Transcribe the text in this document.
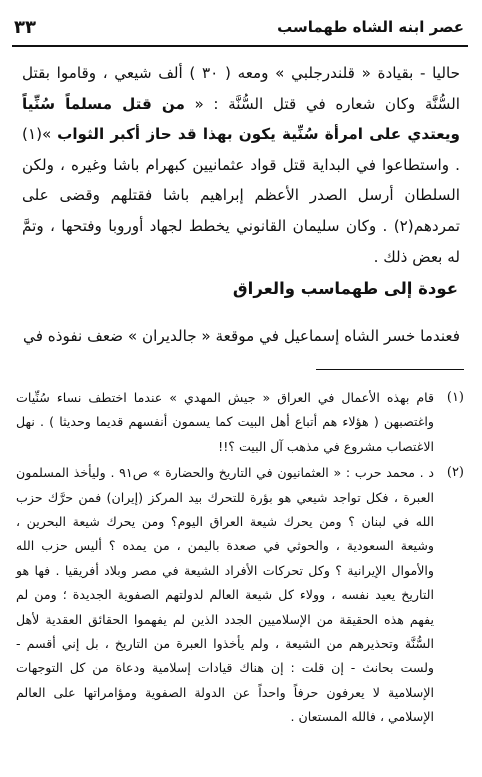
عصر ابنه الشاه طهماسب
٣٣

حاليا - بقيادة « قلندرجلبي » ومعه ( ٣٠ ) ألف شيعي ، وقاموا بقتل السُّنَّة وكان شعاره في قتل السُّنَّة : « من قتل مسلماً سُنِّياً ويعتدي على امرأة سُنِّية يكون بهذا قد حاز أكبر الثواب »(١) . واستطاعوا في البداية قتل قواد عثمانيين كبهرام باشا وغيره ، ولكن السلطان أرسل الصدر الأعظم إبراهيم باشا فقتلهم وقضى على تمردهم(٢) . وكان سليمان القانوني يخطط لجهاد أوروبا وفتحها ، وتمَّ له بعض ذلك .

عودة إلى طهماسب والعراق
فعندما خسر الشاه إسماعيل في موقعة « جالديران » ضعف نفوذه في
(١)
قام بهذه الأعمال في العراق « جيش المهدي » عندما اختطف نساء سُنِّيات واغتصبهن ( هؤلاء هم أتباع أهل البيت كما يسمون أنفسهم قديما وحديثا ) . نهل الاغتصاب مشروع في مذهب آل البيت ؟!!
(٢)
د . محمد حرب : « العثمانيون في التاريخ والحضارة » ص٩١ . وليأخذ المسلمون العبرة ، فكل تواجد شيعي هو بؤرة للتحرك بيد المركز (إيران) فمن حرَّك حزب الله في لبنان ؟ ومن يحرك شيعة العراق اليوم؟ ومن يحرك شيعة البحرين ، وشيعة السعودية ، والحوثي في صعدة باليمن ، من يمده ؟ أليس حزب الله والأموال الإيرانية ؟ وكل تحركات الأفراد الشيعة في مصر وبلاد أفريقيا . فها هو التاريخ يعيد نفسه ، وولاء كل شيعة العالم لدولتهم الصفوية الجديدة ؛ ومن لم يفهم هذه الحقيقة من الإسلاميين الجدد الذين لم يفهموا الحقائق العقدية لأهل السُّنَّة وتحذيرهم من الشيعة ، ولم يأخذوا العبرة من التاريخ ، بل إني أقسم - ولست بحانث - إن قلت : إن هناك قيادات إسلامية ودعاة من كل التوجهات الإسلامية لا يعرفون حرفاً واحداً عن الدولة الصفوية ومؤامراتها على العالم الإسلامي ، فالله المستعان .
